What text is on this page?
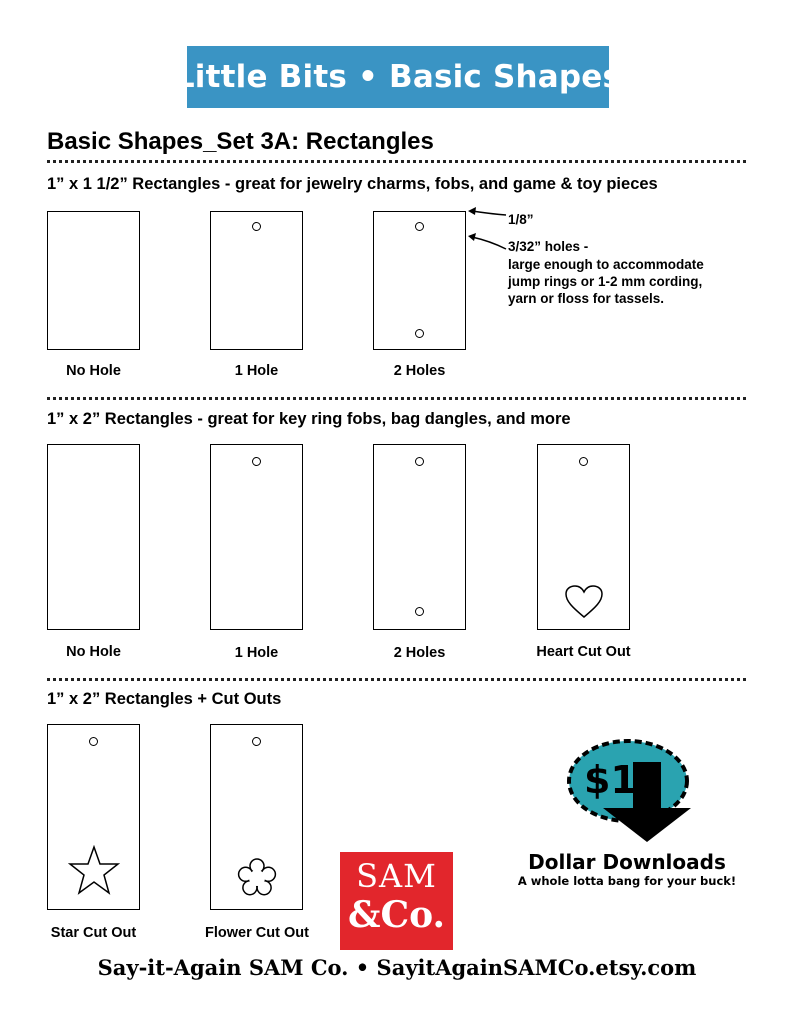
Little Bits • Basic Shapes
Basic Shapes_Set 3A: Rectangles
1” x 1 1/2” Rectangles - great for jewelry charms, fobs, and game & toy pieces
No Hole	1 Hole	2 Holes
1/8”
3/32” holes -
large enough to accommodate
jump rings or 1-2 mm cording,
yarn or floss for tassels.
1” x 2” Rectangles - great for key ring fobs, bag dangles, and more
No Hole	1 Hole	2 Holes	Heart Cut Out
1” x 2” Rectangles + Cut Outs
Star Cut Out	Flower Cut Out
SAM
&Co.
$1
Dollar Downloads
A whole lotta bang for your buck!
Say-it-Again SAM Co. • SayitAgainSAMCo.etsy.com
